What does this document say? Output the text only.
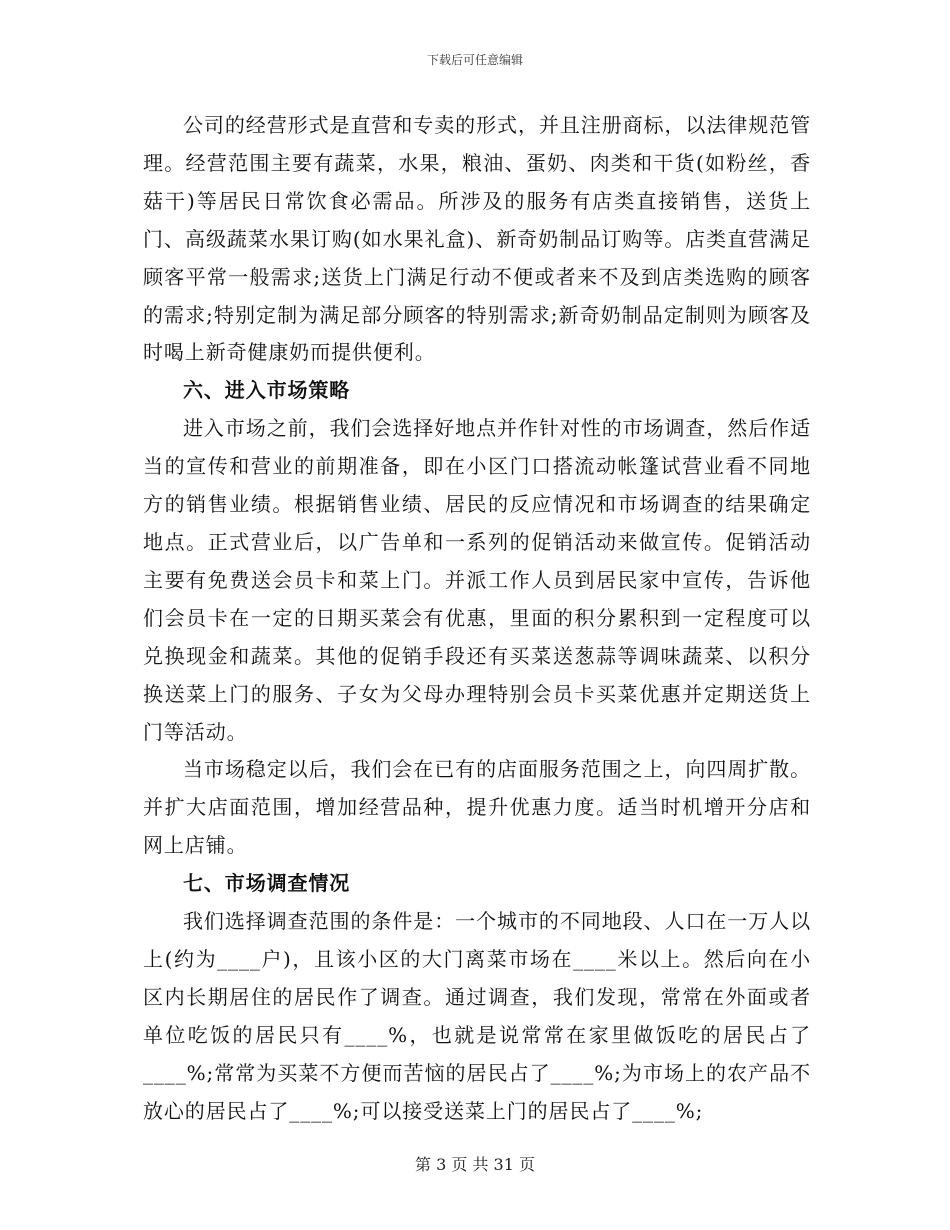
下载后可任意编辑

公司的经营形式是直营和专卖的形式，并且注册商标，以法律规范管理。经营范围主要有蔬菜，水果，粮油、蛋奶、肉类和干货(如粉丝，香菇干)等居民日常饮食必需品。所涉及的服务有店类直接销售，送货上门、高级蔬菜水果订购(如水果礼盒)、新奇奶制品订购等。店类直营满足顾客平常一般需求;送货上门满足行动不便或者来不及到店类选购的顾客的需求;特别定制为满足部分顾客的特别需求;新奇奶制品定制则为顾客及时喝上新奇健康奶而提供便利。

六、进入市场策略

进入市场之前，我们会选择好地点并作针对性的市场调查，然后作适当的宣传和营业的前期准备，即在小区门口搭流动帐篷试营业看不同地方的销售业绩。根据销售业绩、居民的反应情况和市场调查的结果确定地点。正式营业后，以广告单和一系列的促销活动来做宣传。促销活动主要有免费送会员卡和菜上门。并派工作人员到居民家中宣传，告诉他们会员卡在一定的日期买菜会有优惠，里面的积分累积到一定程度可以兑换现金和蔬菜。其他的促销手段还有买菜送葱蒜等调味蔬菜、以积分换送菜上门的服务、子女为父母办理特别会员卡买菜优惠并定期送货上门等活动。

当市场稳定以后，我们会在已有的店面服务范围之上，向四周扩散。并扩大店面范围，增加经营品种，提升优惠力度。适当时机增开分店和网上店铺。

七、市场调查情况

我们选择调查范围的条件是：一个城市的不同地段、人口在一万人以上(约为____户)，且该小区的大门离菜市场在____米以上。然后向在小区内长期居住的居民作了调查。通过调查，我们发现，常常在外面或者单位吃饭的居民只有____%，也就是说常常在家里做饭吃的居民占了____%;常常为买菜不方便而苦恼的居民占了____%;为市场上的农产品不放心的居民占了____%;可以接受送菜上门的居民占了____%;

第 3 页 共 31 页
